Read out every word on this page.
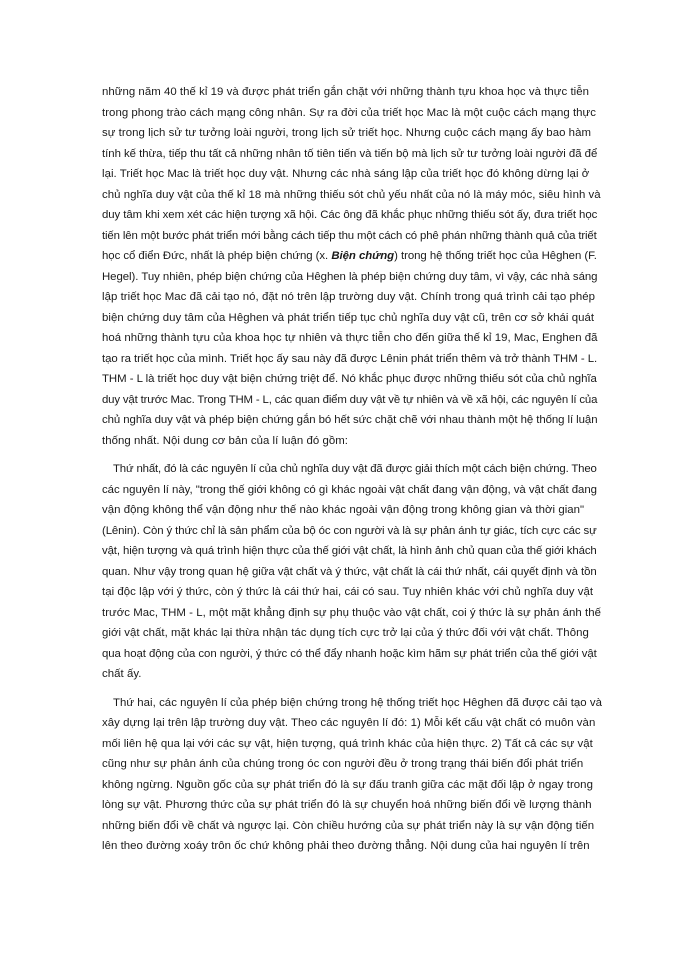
những năm 40 thế kỉ 19 và được phát triển gắn chặt với những thành tựu khoa học và thực tiễn
trong phong trào cách mạng công nhân. Sự ra đời của triết học Mac là một cuộc cách mạng thực
sự trong lịch sử tư tưởng loài người, trong lịch sử triết học. Nhưng cuộc cách mạng ấy bao hàm
tính kế thừa, tiếp thu tất cả những nhân tố tiên tiến và tiến bộ mà lịch sử tư tưởng loài người đã để
lại. Triết học Mac là triết học duy vật. Nhưng các nhà sáng lập của triết học đó không dừng lại ở
chủ nghĩa duy vật của thế kỉ 18 mà những thiếu sót chủ yếu nhất của nó là máy móc, siêu hình và
duy tâm khi xem xét các hiện tượng xã hội. Các ông đã khắc phục những thiếu sót ấy, đưa triết học
tiến lên một bước phát triển mới bằng cách tiếp thu một cách có phê phán những thành quả của triết
học cổ điển Đức, nhất là phép biện chứng (x. Biện chứng) trong hệ thống triết học của Hêghen (F.
Hegel). Tuy nhiên, phép biện chứng của Hêghen là phép biện chứng duy tâm, vì vậy, các nhà sáng
lập triết học Mac đã cải tạo nó, đặt nó trên lập trường duy vật. Chính trong quá trình cải tạo phép
biện chứng duy tâm của Hêghen và phát triển tiếp tục chủ nghĩa duy vật cũ, trên cơ sở khái quát
hoá những thành tựu của khoa học tự nhiên và thực tiễn cho đến giữa thế kỉ 19, Mac, Enghen đã
tạo ra triết học của mình. Triết học ấy sau này đã được Lênin phát triển thêm và trở thành THM - L.
THM - L là triết học duy vật biện chứng triệt để. Nó khắc phục được những thiếu sót của chủ nghĩa
duy vật trước Mac. Trong THM - L, các quan điểm duy vật về tự nhiên và về xã hội, các nguyên lí của
chủ nghĩa duy vật và phép biện chứng gắn bó hết sức chặt chẽ với nhau thành một hệ thống lí luận
thống nhất. Nội dung cơ bản của lí luận đó gồm:
Thứ nhất, đó là các nguyên lí của chủ nghĩa duy vật đã được giải thích một cách biện chứng. Theo
các nguyên lí này, "trong thế giới không có gì khác ngoài vật chất đang vận động, và vật chất đang
vận động không thể vận động như thế nào khác ngoài vận động trong không gian và thời gian"
(Lênin). Còn ý thức chỉ là sản phẩm của bộ óc con người và là sự phản ánh tự giác, tích cực các sự
vật, hiện tượng và quá trình hiện thực của thế giới vật chất, là hình ảnh chủ quan của thế giới khách
quan. Như vậy trong quan hệ giữa vật chất và ý thức, vật chất là cái thứ nhất, cái quyết định và tồn
tại độc lập với ý thức, còn ý thức là cái thứ hai, cái có sau. Tuy nhiên khác với chủ nghĩa duy vật
trước Mac, THM - L, một mặt khẳng định sự phụ thuộc vào vật chất, coi ý thức là sự phản ánh thế
giới vật chất, mặt khác lại thừa nhận tác dụng tích cực trở lại của ý thức đối với vật chất. Thông
qua hoạt động của con người, ý thức có thể đẩy nhanh hoặc kìm hãm sự phát triển của thế giới vật
chất ấy.
Thứ hai, các nguyên lí của phép biện chứng trong hệ thống triết học Hêghen đã được cải tạo và
xây dựng lại trên lập trường duy vật. Theo các nguyên lí đó: 1) Mỗi kết cấu vật chất có muôn vàn
mối liên hệ qua lại với các sự vật, hiện tượng, quá trình khác của hiện thực. 2) Tất cả các sự vật
cũng như sự phản ánh của chúng trong óc con người đều ở trong trạng thái biến đổi phát triển
không ngừng. Nguồn gốc của sự phát triển đó là sự đấu tranh giữa các mặt đối lập ở ngay trong
lòng sự vật. Phương thức của sự phát triển đó là sự chuyển hoá những biến đổi về lượng thành
những biến đổi về chất và ngược lại. Còn chiều hướng của sự phát triển này là sự vận động tiến
lên theo đường xoáy trôn ốc chứ không phải theo đường thẳng. Nội dung của hai nguyên lí trên
